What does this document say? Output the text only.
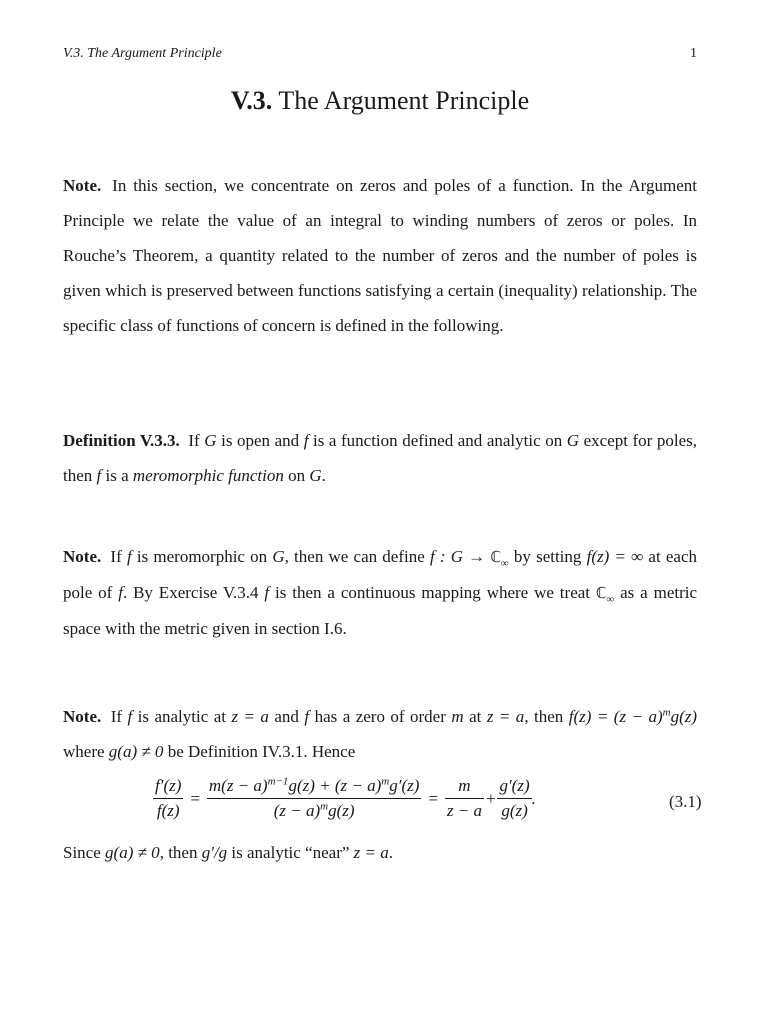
V.3. The Argument Principle	1
V.3. The Argument Principle

Note. In this section, we concentrate on zeros and poles of a function. In the Argument Principle we relate the value of an integral to winding numbers of zeros or poles. In Rouche’s Theorem, a quantity related to the number of zeros and the number of poles is given which is preserved between functions satisfying a certain (inequality) relationship. The specific class of functions of concern is defined in the following.

Definition V.3.3. If G is open and f is a function defined and analytic on G except for poles, then f is a meromorphic function on G.

Note. If f is meromorphic on G, then we can define f : G → ℂ$_\infty$ by setting f(z) = ∞ at each pole of f. By Exercise V.3.4 f is then a continuous mapping where we treat ℂ$_\infty$ as a metric space with the metric given in section I.6.

Note. If f is analytic at z = a and f has a zero of order m at z = a, then $f(z) = (z - a)^mg(z)$ where g(a) ≠ 0 be Definition IV.3.1. Hence

$\frac{f'(z)}{f(z)} = \frac{m(z - a)^{m-1}g(z) + (z - a)^mg'(z)}{(z - a)^mg(z)} = \frac{m}{z - a} + \frac{g'(z)}{g(z)}$ .	(3.1)

Since g(a) ≠ 0, then g′/g is analytic “near” z = a.
